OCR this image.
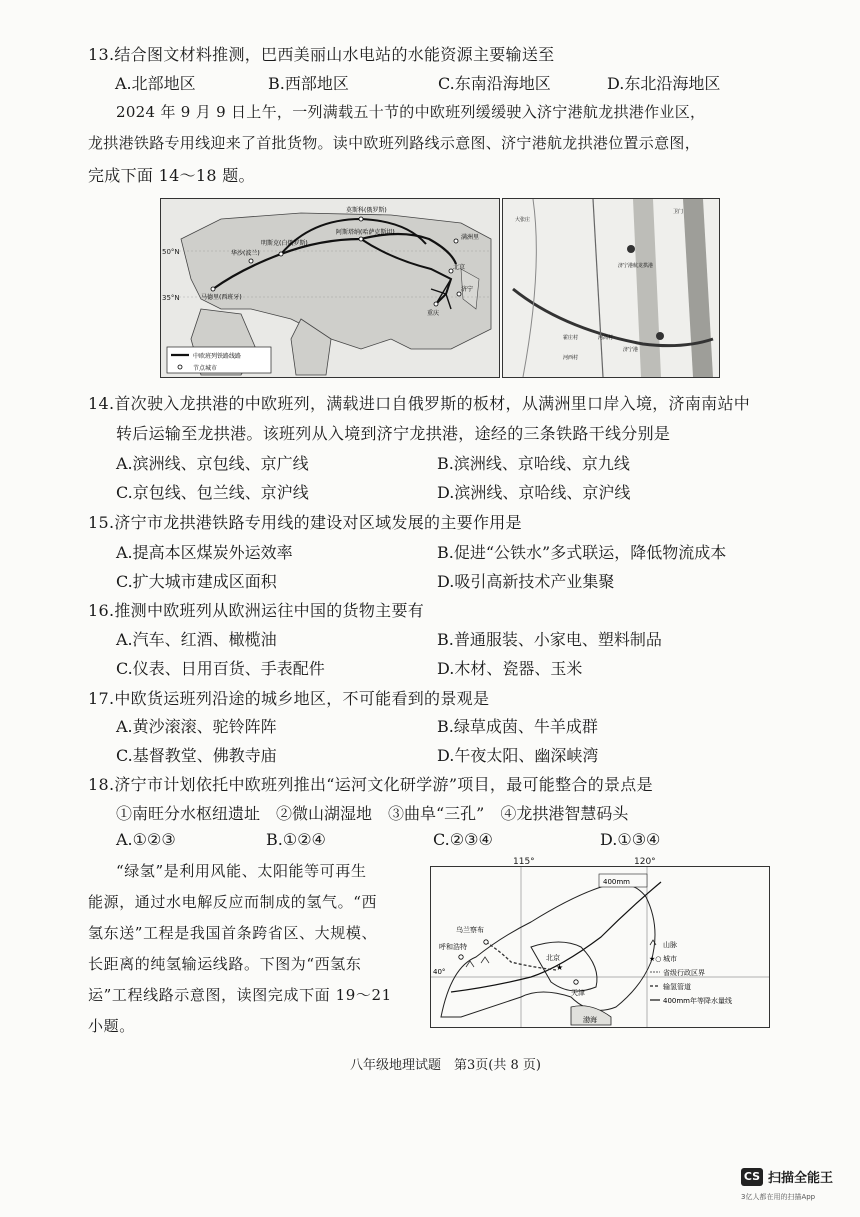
13.结合图文材料推测，巴西美丽山水电站的水能资源主要输送至
A.北部地区	B.西部地区	C.东南沿海地区	D.东北沿海地区
2024 年 9 月 9 日上午，一列满载五十节的中欧班列缓缓驶入济宁港航龙拱港作业区，
龙拱港铁路专用线迎来了首批货物。读中欧班列路线示意图、济宁港航龙拱港位置示意图，
完成下面 14～18 题。
50°N
35°N
莫斯科(俄罗斯)
明斯克(白俄罗斯)
华沙(波兰)
阿斯塔纳(哈萨克斯坦)
满洲里
北京
重庆
马德里(西班牙)
济宁
中欧班列铁路线路
节点城市
济宁港航龙拱港
济宁港
卫门
大张庄
霍庄村
河西村
河高村
14.首次驶入龙拱港的中欧班列，满载进口自俄罗斯的板材，从满洲里口岸入境，济南南站中
转后运输至龙拱港。该班列从入境到济宁龙拱港，途经的三条铁路干线分别是
A.滨洲线、京包线、京广线	B.滨洲线、京哈线、京九线
C.京包线、包兰线、京沪线	D.滨洲线、京哈线、京沪线
15.济宁市龙拱港铁路专用线的建设对区域发展的主要作用是
A.提高本区煤炭外运效率	B.促进“公铁水”多式联运，降低物流成本
C.扩大城市建成区面积	D.吸引高新技术产业集聚
16.推测中欧班列从欧洲运往中国的货物主要有
A.汽车、红酒、橄榄油	B.普通服装、小家电、塑料制品
C.仪表、日用百货、手表配件	D.木材、瓷器、玉米
17.中欧货运班列沿途的城乡地区，不可能看到的景观是
A.黄沙滚滚、驼铃阵阵	B.绿草成茵、牛羊成群
C.基督教堂、佛教寺庙	D.午夜太阳、幽深峡湾
18.济宁市计划依托中欧班列推出“运河文化研学游”项目，最可能整合的景点是
①南旺分水枢纽遗址　②微山湖湿地　③曲阜“三孔”　④龙拱港智慧码头
A.①②③	B.①②④	C.②③④	D.①③④
“绿氢”是利用风能、太阳能等可再生
能源，通过水电解反应而制成的氢气。“西
氢东送”工程是我国首条跨省区、大规模、
长距离的纯氢输运线路。下图为“西氢东
运”工程线路示意图，读图完成下面 19～21
小题。
400mm
★
乌兰察布
呼和浩特
北京
天津
渤海
40°
山脉
★○ 城市
省级行政区界
输氢管道
400mm年等降水量线
115°	120°
八年级地理试题　第3页(共 8 页)
CS 扫描全能王
3亿人都在用的扫描App
